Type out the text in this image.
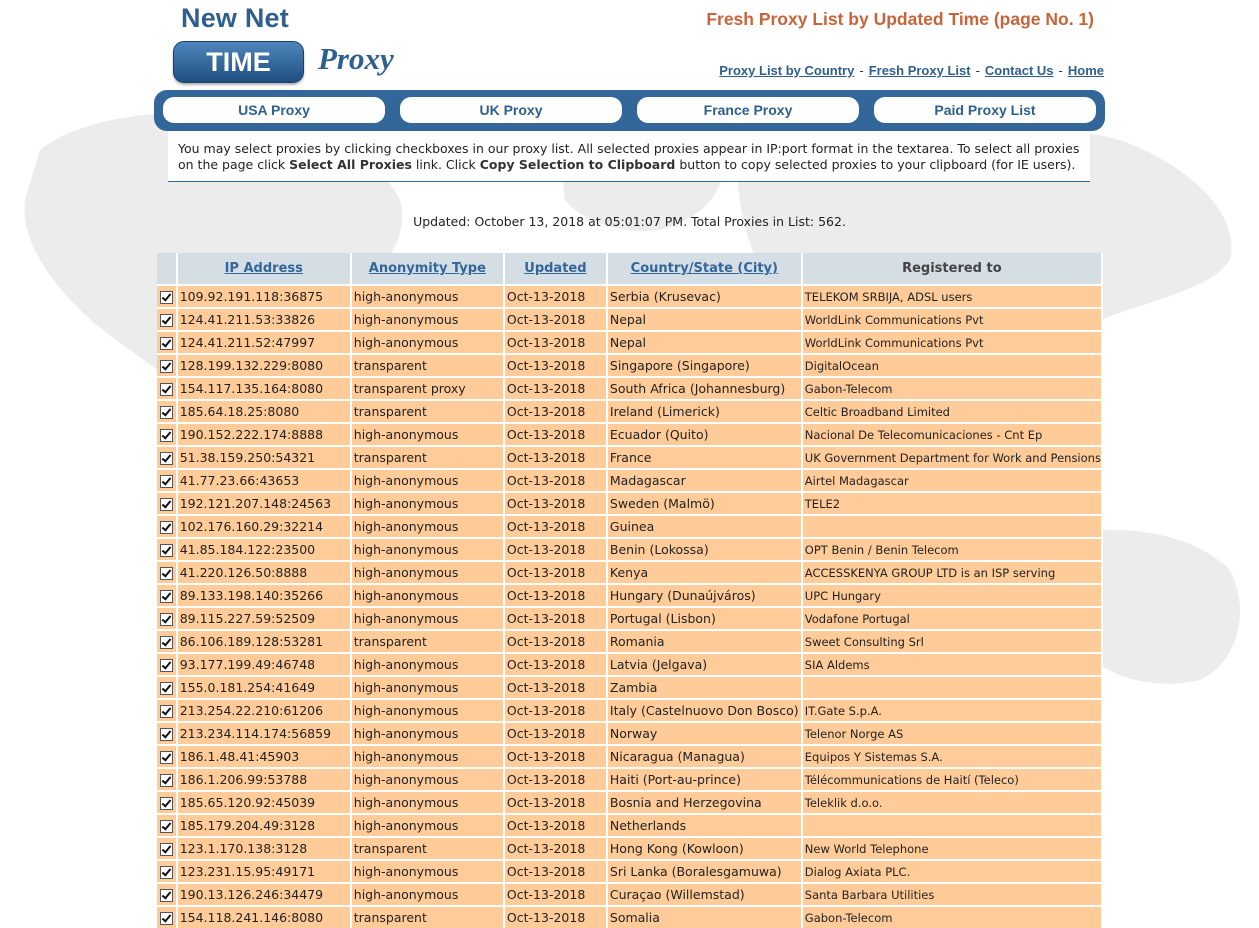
New Net
TIME	Proxy
Fresh Proxy List by Updated Time (page No. 1)
Proxy List by Country - Fresh Proxy List - Contact Us - Home
USA Proxy	UK Proxy	France Proxy	Paid Proxy List

You may select proxies by clicking checkboxes in our proxy list. All selected proxies appear in IP:port format in the textarea. To select all proxies on the page click Select All Proxies link. Click Copy Selection to Clipboard button to copy selected proxies to your clipboard (for IE users).

Updated: October 13, 2018 at 05:01:07 PM. Total Proxies in List: 562.
	IP Address	Anonymity Type	Updated	Country/State (City)	Registered to
	109.92.191.118:36875	high-anonymous	Oct-13-2018	Serbia (Krusevac)	TELEKOM SRBIJA, ADSL users
	124.41.211.53:33826	high-anonymous	Oct-13-2018	Nepal	WorldLink Communications Pvt
	124.41.211.52:47997	high-anonymous	Oct-13-2018	Nepal	WorldLink Communications Pvt
	128.199.132.229:8080	transparent	Oct-13-2018	Singapore (Singapore)	DigitalOcean
	154.117.135.164:8080	transparent proxy	Oct-13-2018	South Africa (Johannesburg)	Gabon-Telecom
	185.64.18.25:8080	transparent	Oct-13-2018	Ireland (Limerick)	Celtic Broadband Limited
	190.152.222.174:8888	high-anonymous	Oct-13-2018	Ecuador (Quito)	Nacional De Telecomunicaciones - Cnt Ep
	51.38.159.250:54321	transparent	Oct-13-2018	France	UK Government Department for Work and Pensions
	41.77.23.66:43653	high-anonymous	Oct-13-2018	Madagascar	Airtel Madagascar
	192.121.207.148:24563	high-anonymous	Oct-13-2018	Sweden (Malmö)	TELE2
	102.176.160.29:32214	high-anonymous	Oct-13-2018	Guinea	
	41.85.184.122:23500	high-anonymous	Oct-13-2018	Benin (Lokossa)	OPT Benin / Benin Telecom
	41.220.126.50:8888	high-anonymous	Oct-13-2018	Kenya	ACCESSKENYA GROUP LTD is an ISP serving
	89.133.198.140:35266	high-anonymous	Oct-13-2018	Hungary (Dunaújváros)	UPC Hungary
	89.115.227.59:52509	high-anonymous	Oct-13-2018	Portugal (Lisbon)	Vodafone Portugal
	86.106.189.128:53281	transparent	Oct-13-2018	Romania	Sweet Consulting Srl
	93.177.199.49:46748	high-anonymous	Oct-13-2018	Latvia (Jelgava)	SIA Aldems
	155.0.181.254:41649	high-anonymous	Oct-13-2018	Zambia	
	213.254.22.210:61206	high-anonymous	Oct-13-2018	Italy (Castelnuovo Don Bosco)	IT.Gate S.p.A.
	213.234.114.174:56859	high-anonymous	Oct-13-2018	Norway	Telenor Norge AS
	186.1.48.41:45903	high-anonymous	Oct-13-2018	Nicaragua (Managua)	Equipos Y Sistemas S.A.
	186.1.206.99:53788	high-anonymous	Oct-13-2018	Haiti (Port-au-prince)	Télécommunications de Haití (Teleco)
	185.65.120.92:45039	high-anonymous	Oct-13-2018	Bosnia and Herzegovina	Teleklik d.o.o.
	185.179.204.49:3128	high-anonymous	Oct-13-2018	Netherlands	
	123.1.170.138:3128	transparent	Oct-13-2018	Hong Kong (Kowloon)	New World Telephone
	123.231.15.95:49171	high-anonymous	Oct-13-2018	Sri Lanka (Boralesgamuwa)	Dialog Axiata PLC.
	190.13.126.246:34479	high-anonymous	Oct-13-2018	Curaçao (Willemstad)	Santa Barbara Utilities
	154.118.241.146:8080	transparent	Oct-13-2018	Somalia	Gabon-Telecom
